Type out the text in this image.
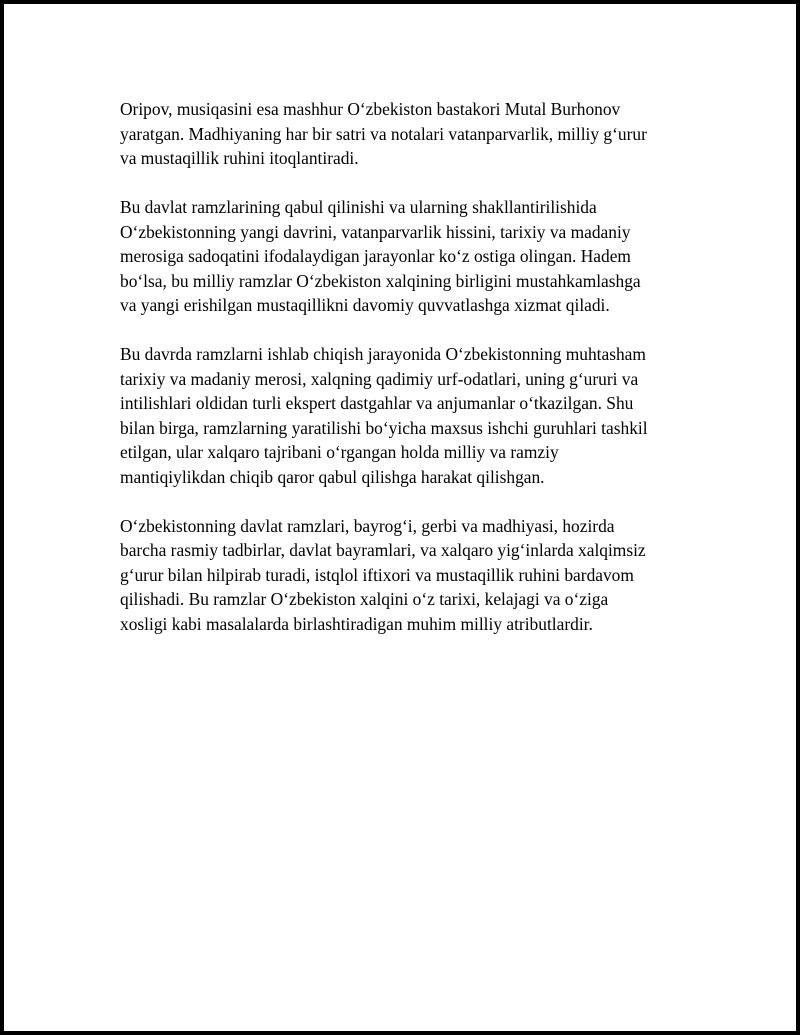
Oripov, musiqasini esa mashhur O‘zbekiston bastakori Mutal Burhonov
yaratgan. Madhiyaning har bir satri va notalari vatanparvarlik, milliy g‘urur
va mustaqillik ruhini itoqlantiradi.

Bu davlat ramzlarining qabul qilinishi va ularning shakllantirilishida
O‘zbekistonning yangi davrini, vatanparvarlik hissini, tarixiy va madaniy
merosiga sadoqatini ifodalaydigan jarayonlar ko‘z ostiga olingan. Hadem
bo‘lsa, bu milliy ramzlar O‘zbekiston xalqining birligini mustahkamlashga
va yangi erishilgan mustaqillikni davomiy quvvatlashga xizmat qiladi.

Bu davrda ramzlarni ishlab chiqish jarayonida O‘zbekistonning muhtasham
tarixiy va madaniy merosi, xalqning qadimiy urf-odatlari, uning g‘ururi va
intilishlari oldidan turli ekspert dastgahlar va anjumanlar o‘tkazilgan. Shu
bilan birga, ramzlarning yaratilishi bo‘yicha maxsus ishchi guruhlari tashkil
etilgan, ular xalqaro tajribani o‘rgangan holda milliy va ramziy
mantiqiylikdan chiqib qaror qabul qilishga harakat qilishgan.

O‘zbekistonning davlat ramzlari, bayrog‘i, gerbi va madhiyasi, hozirda
barcha rasmiy tadbirlar, davlat bayramlari, va xalqaro yig‘inlarda xalqimsiz
g‘urur bilan hilpirab turadi, istqlol iftixori va mustaqillik ruhini bardavom
qilishadi. Bu ramzlar O‘zbekiston xalqini o‘z tarixi, kelajagi va o‘ziga
xosligi kabi masalalarda birlashtiradigan muhim milliy atributlardir.
